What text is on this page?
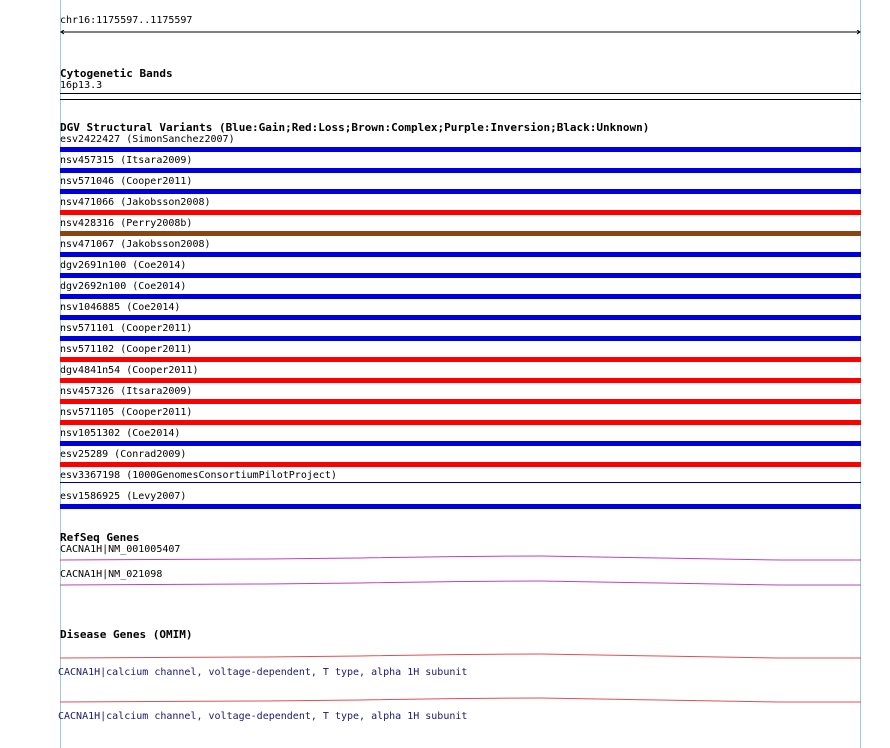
chr16:1175597..1175597
Cytogenetic Bands
16p13.3
DGV Structural Variants (Blue:Gain;Red:Loss;Brown:Complex;Purple:Inversion;Black:Unknown)
esv2422427 (SimonSanchez2007)
nsv457315 (Itsara2009)
nsv571046 (Cooper2011)
nsv471066 (Jakobsson2008)
nsv428316 (Perry2008b)
nsv471067 (Jakobsson2008)
dgv2691n100 (Coe2014)
dgv2692n100 (Coe2014)
nsv1046885 (Coe2014)
nsv571101 (Cooper2011)
nsv571102 (Cooper2011)
dgv4841n54 (Cooper2011)
nsv457326 (Itsara2009)
nsv571105 (Cooper2011)
nsv1051302 (Coe2014)
esv25289 (Conrad2009)
esv3367198 (1000GenomesConsortiumPilotProject)
esv1586925 (Levy2007)
RefSeq Genes
CACNA1H|NM_001005407
CACNA1H|NM_021098
Disease Genes (OMIM)
CACNA1H|calcium channel, voltage-dependent, T type, alpha 1H subunit
CACNA1H|calcium channel, voltage-dependent, T type, alpha 1H subunit
